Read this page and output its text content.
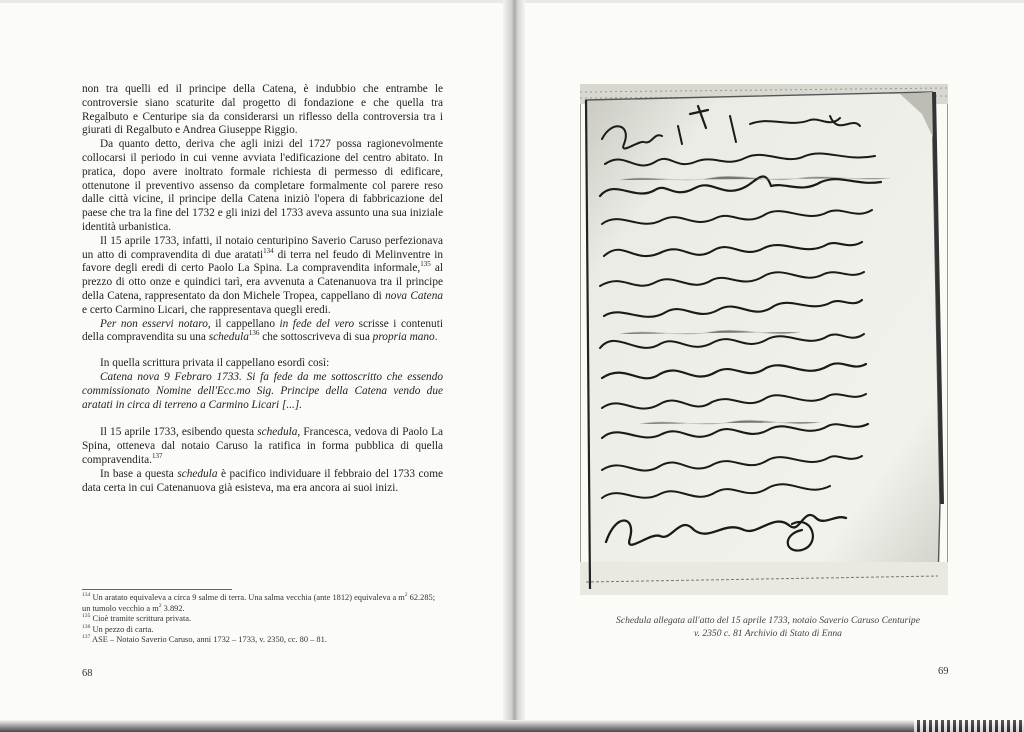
non tra quelli ed il principe della Catena, è indubbio che entrambe le controversie siano scaturite dal progetto di fondazione e che quella tra Regalbuto e Centuripe sia da considerarsi un riflesso della controversia tra i giurati di Regalbuto e Andrea Giuseppe Riggio.

Da quanto detto, deriva che agli inizi del 1727 possa ragionevolmente collocarsi il periodo in cui venne avviata l'edificazione del centro abitato. In pratica, dopo avere inoltrato formale richiesta di permesso di edificare, ottenutone il preventivo assenso da completare formalmente col parere reso dalle città vicine, il principe della Catena iniziò l'opera di fabbricazione del paese che tra la fine del 1732 e gli inizi del 1733 aveva assunto una sua iniziale identità urbanistica.

Il 15 aprile 1733, infatti, il notaio centuripino Saverio Caruso perfezionava un atto di compravendita di due aratati$^{134}$ di terra nel feudo di Melinventre in favore degli eredi di certo Paolo La Spina. La compravendita informale,$^{135}$ al prezzo di otto onze e quindici tarì, era avvenuta a Catenanuova tra il principe della Catena, rappresentato da don Michele Tropea, cappellano di nova Catena e certo Carmino Licari, che rappresentava quegli eredi.

Per non esservi notaro, il cappellano in fede del vero scrisse i contenuti della compravendita su una schedula$^{136}$ che sottoscriveva di sua propria mano.

In quella scrittura privata il cappellano esordì così:

Catena nova 9 Febraro 1733. Si fa fede da me sottoscritto che essendo commissionato Nomine dell'Ecc.mo Sig. Principe della Catena vendo due aratati in circa di terreno a Carmino Licari [...].

Il 15 aprile 1733, esibendo questa schedula, Francesca, vedova di Paolo La Spina, otteneva dal notaio Caruso la ratifica in forma pubblica di quella compravendita.$^{137}$

In base a questa schedula è pacifico individuare il febbraio del 1733 come data certa in cui Catenanuova già esisteva, ma era ancora ai suoi inizi.

$^{134}$ Un aratato equivaleva a circa 9 salme di terra. Una salma vecchia (ante 1812) equivaleva a $m^2$ 62.285; un tumolo vecchio a $m^2$ 3.892.

$^{135}$ Cioè tramite scrittura privata.

$^{136}$ Un pezzo di carta.

$^{137}$ ASE – Notaio Saverio Caruso, anni 1732 – 1733, v. 2350, cc. 80 – 81.

68
Schedula allegata all'atto del 15 aprile 1733, notaio Saverio Caruso Centuripe
v. 2350 c. 81 Archivio di Stato di Enna
69
